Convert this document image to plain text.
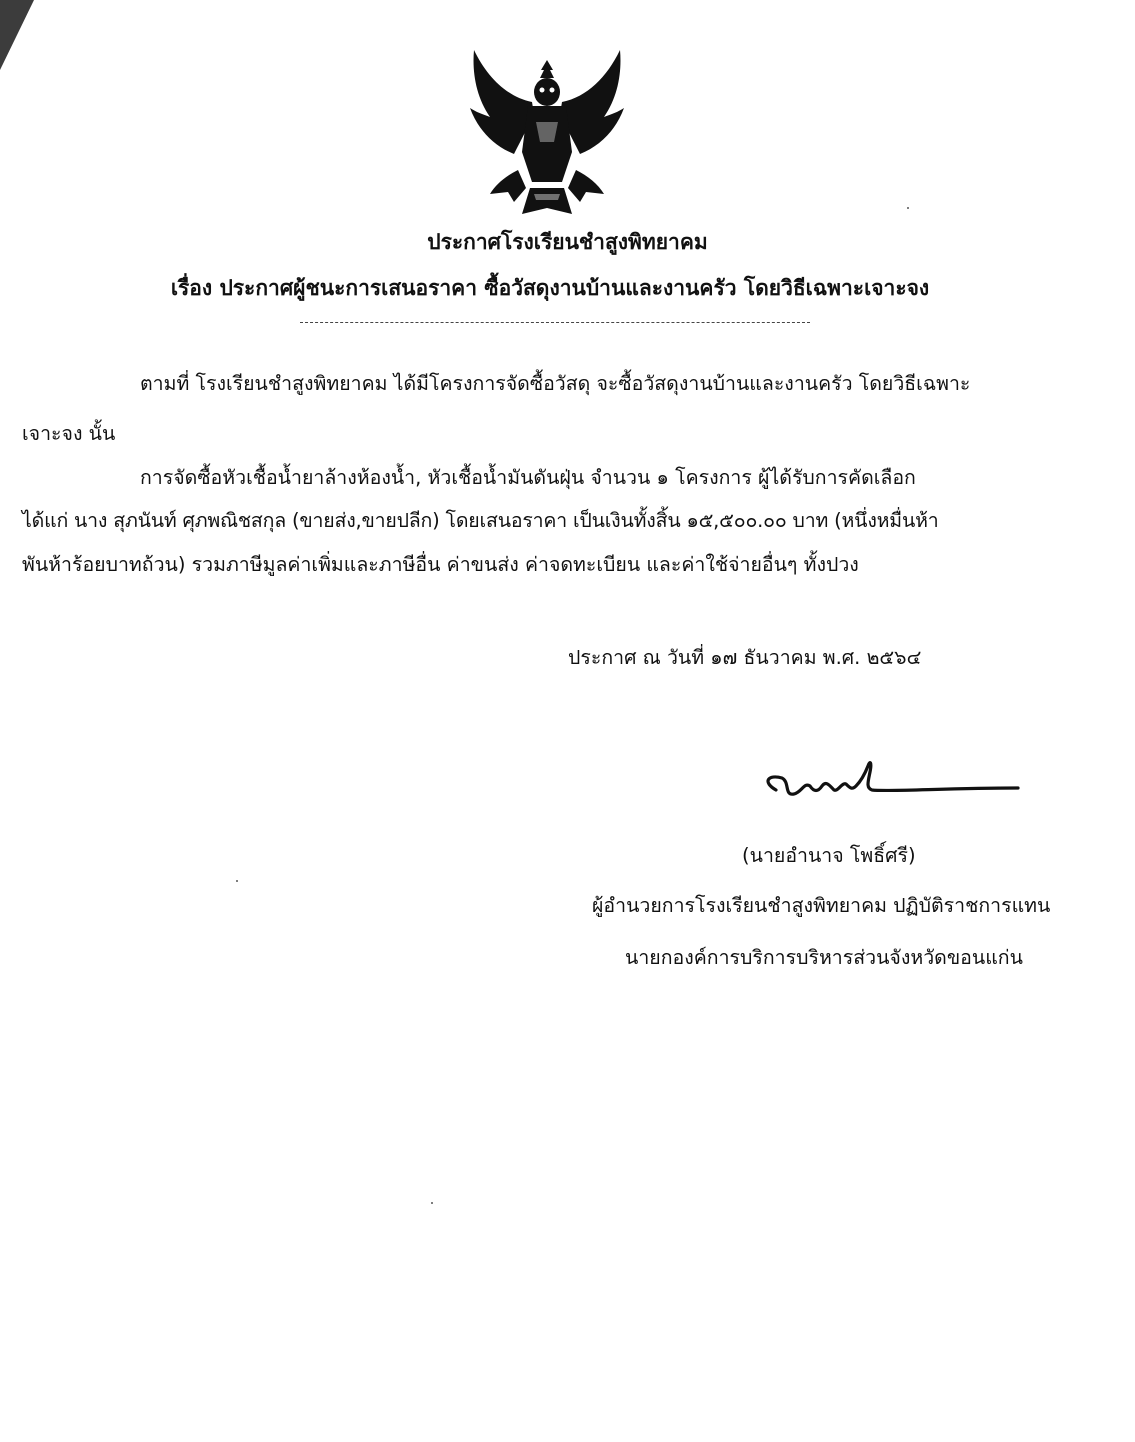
ประกาศโรงเรียนชำสูงพิทยาคม
เรื่อง ประกาศผู้ชนะการเสนอราคา ซื้อวัสดุงานบ้านและงานครัว โดยวิธีเฉพาะเจาะจง
ตามที่ โรงเรียนชำสูงพิทยาคม ได้มีโครงการจัดซื้อวัสดุ จะซื้อวัสดุงานบ้านและงานครัว โดยวิธีเฉพาะ
เจาะจง นั้น
การจัดซื้อหัวเชื้อน้ำยาล้างห้องน้ำ, หัวเชื้อน้ำมันดันฝุ่น จำนวน ๑ โครงการ ผู้ได้รับการคัดเลือก
ได้แก่ นาง สุภนันท์ ศุภพณิชสกุล (ขายส่ง,ขายปลีก) โดยเสนอราคา เป็นเงินทั้งสิ้น ๑๕,๕๐๐.๐๐ บาท (หนึ่งหมื่นห้า
พันห้าร้อยบาทถ้วน) รวมภาษีมูลค่าเพิ่มและภาษีอื่น ค่าขนส่ง ค่าจดทะเบียน และค่าใช้จ่ายอื่นๆ ทั้งปวง
ประกาศ ณ วันที่ ๑๗ ธันวาคม พ.ศ. ๒๕๖๔
(นายอำนาจ โพธิ์ศรี)
ผู้อำนวยการโรงเรียนชำสูงพิทยาคม ปฏิบัติราชการแทน
นายกองค์การบริการบริหารส่วนจังหวัดขอนแก่น
